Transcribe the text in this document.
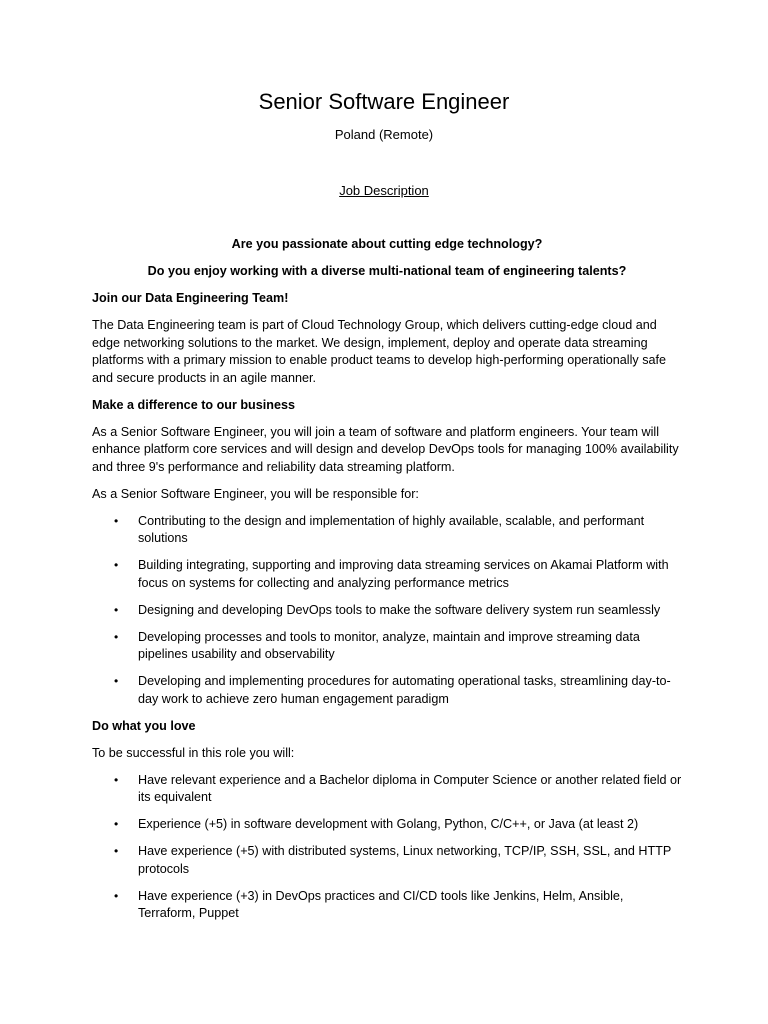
Senior Software Engineer
Poland (Remote)
Job Description

Are you passionate about cutting edge technology?

Do you enjoy working with a diverse multi-national team of engineering talents?

Join our Data Engineering Team!

The Data Engineering team is part of Cloud Technology Group, which delivers cutting-edge cloud and edge networking solutions to the market. We design, implement, deploy and operate data streaming platforms with a primary mission to enable product teams to develop high-performing operationally safe and secure products in an agile manner.

Make a difference to our business

As a Senior Software Engineer, you will join a team of software and platform engineers. Your team will enhance platform core services and will design and develop DevOps tools for managing 100% availability and three 9's performance and reliability data streaming platform.

As a Senior Software Engineer, you will be responsible for:

• Contributing to the design and implementation of highly available, scalable, and performant solutions
• Building integrating, supporting and improving data streaming services on Akamai Platform with focus on systems for collecting and analyzing performance metrics
• Designing and developing DevOps tools to make the software delivery system run seamlessly
• Developing processes and tools to monitor, analyze, maintain and improve streaming data pipelines usability and observability
• Developing and implementing procedures for automating operational tasks, streamlining day-to-day work to achieve zero human engagement paradigm

Do what you love

To be successful in this role you will:

• Have relevant experience and a Bachelor diploma in Computer Science or another related field or its equivalent
• Experience (+5) in software development with Golang, Python, C/C++, or Java (at least 2)
• Have experience (+5) with distributed systems, Linux networking, TCP/IP, SSH, SSL, and HTTP protocols
• Have experience (+3) in DevOps practices and CI/CD tools like Jenkins, Helm, Ansible, Terraform, Puppet
